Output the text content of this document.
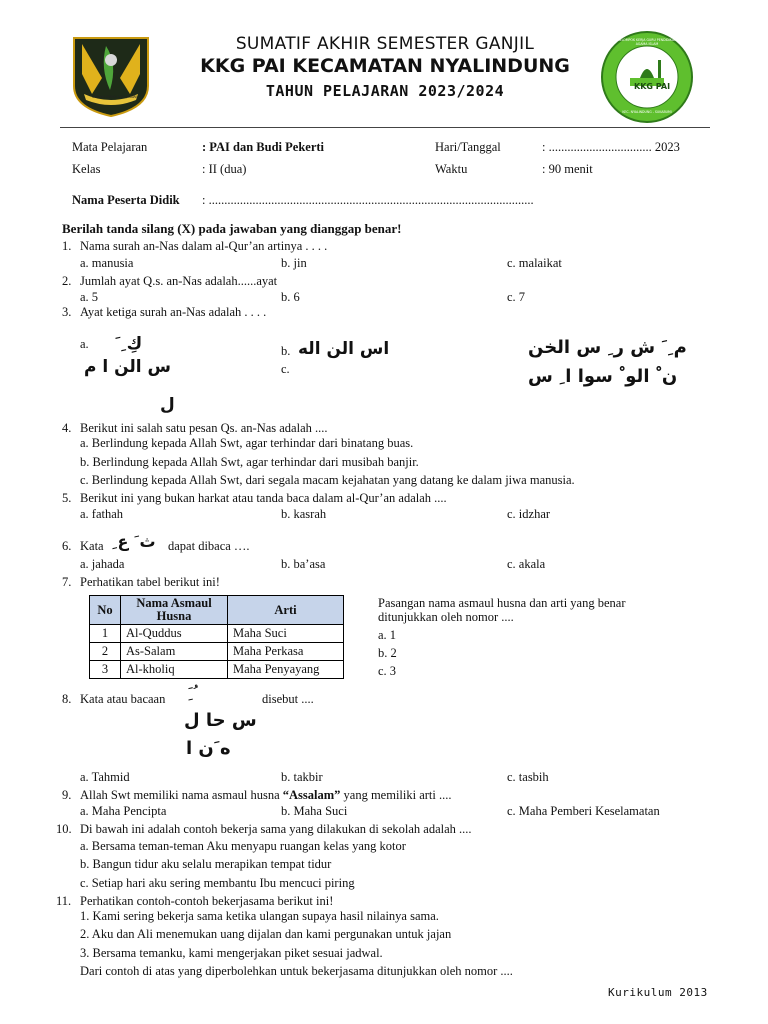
GEMAH RIPAH LOH JINAWI
SUMATIF AKHIR SEMESTER GANJIL
KKG PAI KECAMATAN NYALINDUNG
TAHUN PELAJARAN 2023/2024	KKG PAI
KELOMPOK KERJA GURU PENDIDIKAN AGAMA ISLAM
KEC. NYALINDUNG - SUKABUMI
Mata Pelajaran	: PAI dan Budi Pekerti	Hari/Tanggal	: ................................. 2023
Kelas	: II (dua)	Waktu	: 90 menit
Nama Peserta Didik : ........................................................................................................
Berilah tanda silang (X) pada jawaban yang dianggap benar!
1. Nama surah an-Nas dalam al-Qur’an artinya . . . .
a. manusia	b. jin	c. malaikat
2. Jumlah ayat Q.s. an-Nas adalah......ayat
a. 5	b. 6	c. 7
3. Ayat ketiga surah an-Nas adalah . . . .
a. كِ ِ َ
س الن ا م
ل
b. اس الن اله
c.
م ِ َ ش ر ِ س الخن
ن ْ الو ْ سوا ا ِ س
4. Berikut ini salah satu pesan Qs. an-Nas adalah ....
a. Berlindung kepada Allah Swt, agar terhindar dari binatang buas.
b. Berlindung kepada Allah Swt, agar terhindar dari musibah banjir.
c. Berlindung kepada Allah Swt, dari segala macam kejahatan yang datang ke dalam jiwa manusia.
5. Berikut ini yang bukan harkat atau tanda baca dalam al-Qur’an adalah ....
a. fathah	b. kasrah	c. idzhar
6. Kata ث َ ع ِ dapat dibaca ….
a. jahada	b. ba’asa	c. akala
7. Perhatikan tabel berikut ini!
No	Nama Asmaul Husna	Arti
1	Al-Quddus	Maha Suci
2	As-Salam	Maha Perkasa
3	Al-kholiq	Maha Penyayang
Pasangan nama asmaul husna dan arti yang benar ditunjukkan oleh nomor ....
a. 1
b. 2
c. 3
8. Kata atau bacaan ِ َ ُ
س حا ل
ه َن ا
disebut ....
a. Tahmid	b. takbir	c. tasbih
9. Allah Swt memiliki nama asmaul husna “Assalam” yang memiliki arti ....
a. Maha Pencipta	b. Maha Suci	c. Maha Pemberi Keselamatan
10. Di bawah ini adalah contoh bekerja sama yang dilakukan di sekolah adalah ....
a. Bersama teman-teman Aku menyapu ruangan kelas yang kotor
b. Bangun tidur aku selalu merapikan tempat tidur
c. Setiap hari aku sering membantu Ibu mencuci piring
11. Perhatikan contoh-contoh bekerjasama berikut ini!
1. Kami sering bekerja sama ketika ulangan supaya hasil nilainya sama.
2. Aku dan Ali menemukan uang dijalan dan kami pergunakan untuk jajan
3. Bersama temanku, kami mengerjakan piket sesuai jadwal.
Dari contoh di atas yang diperbolehkan untuk bekerjasama ditunjukkan oleh nomor ....
Kurikulum 2013
